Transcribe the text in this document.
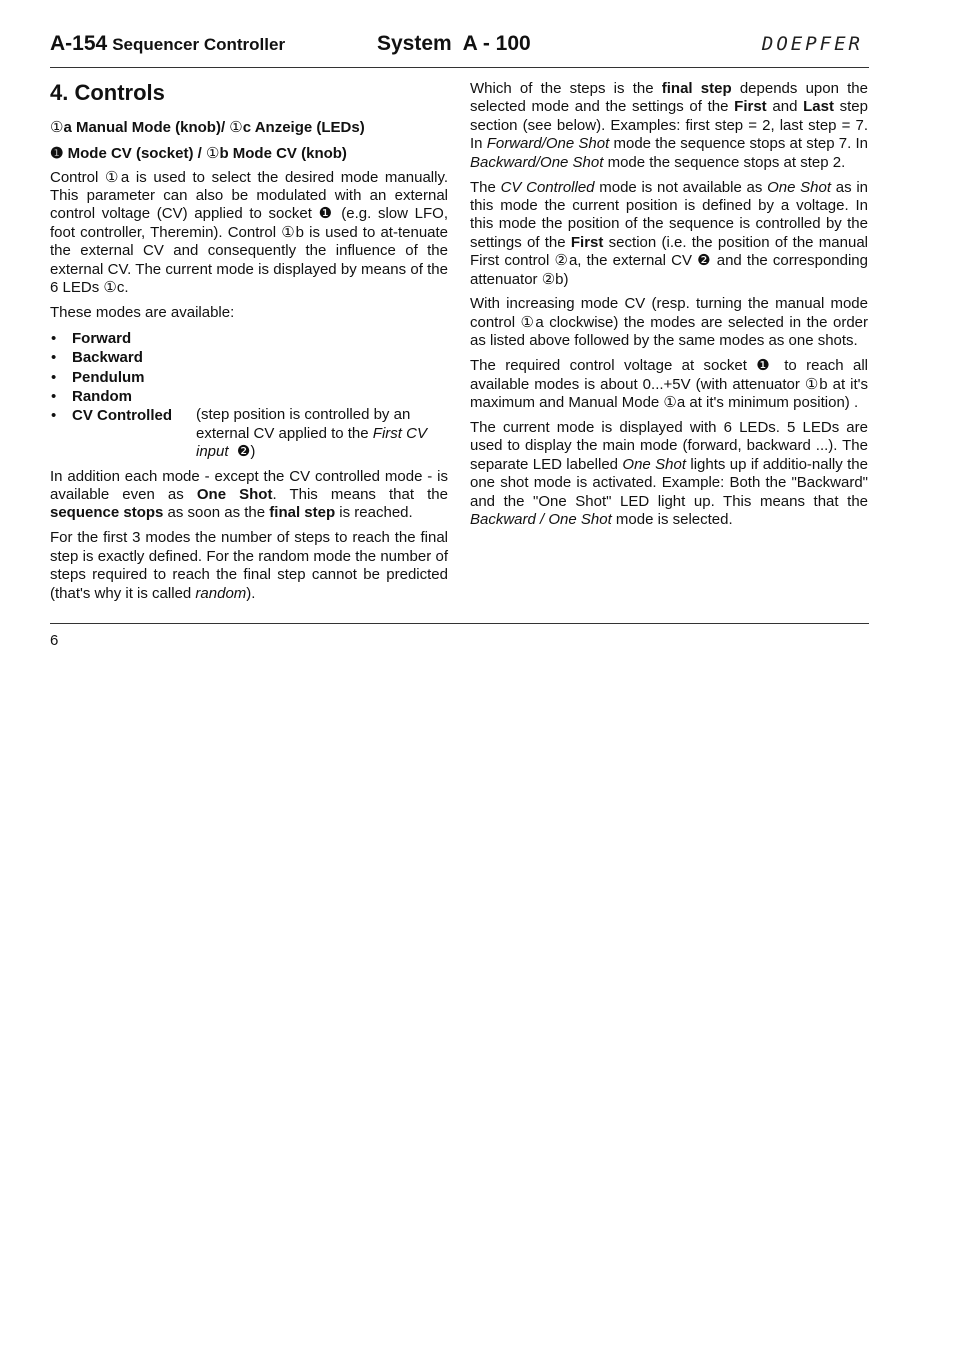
A-154 Sequencer Controller	System  A - 100	DOEPFER
4. Controls

①a Manual Mode (knob)/ ①c Anzeige (LEDs)

❶ Mode CV (socket) / ①b Mode CV (knob)

Control ①a is used to select the desired mode manually. This parameter can also be modulated with an external control voltage (CV) applied to socket ❶ (e.g. slow LFO, foot controller, Theremin). Control ①b is used to at-tenuate the external CV and consequently the influence of the external CV. The current mode is displayed by means of the 6 LEDs ①c.

These modes are available:

• Forward
• Backward
• Pendulum
• Random
• CV Controlled	(step position is controlled by an external CV applied to the First CV input ❷)

In addition each mode - except the CV controlled mode - is available even as One Shot. This means that the sequence stops as soon as the final step is reached.

For the first 3 modes the number of steps to reach the final step is exactly defined. For the random mode the number of steps required to reach the final step cannot be predicted (that's why it is called random).

Which of the steps is the final step depends upon the selected mode and the settings of the First and Last step section (see below). Examples: first step = 2, last step = 7. In Forward/One Shot mode the sequence stops at step 7. In Backward/One Shot mode the sequence stops at step 2.

The CV Controlled mode is not available as One Shot as in this mode the current position is defined by a voltage. In this mode the position of the sequence is controlled by the settings of the First section (i.e. the position of the manual First control ②a, the external CV ❷ and the corresponding attenuator ②b)

With increasing mode CV (resp. turning the manual mode control ①a clockwise) the modes are selected in the order as listed above followed by the same modes as one shots.

The required control voltage at socket ❶ to reach all available modes is about 0...+5V (with attenuator ①b at it's maximum and Manual Mode ①a at it's minimum position) .

The current mode is displayed with 6 LEDs. 5 LEDs are used to display the main mode (forward, backward ...). The separate LED labelled One Shot lights up if additio-nally the one shot mode is activated. Example: Both the "Backward" and the "One Shot" LED light up. This means that the Backward / One Shot mode is selected.

6
